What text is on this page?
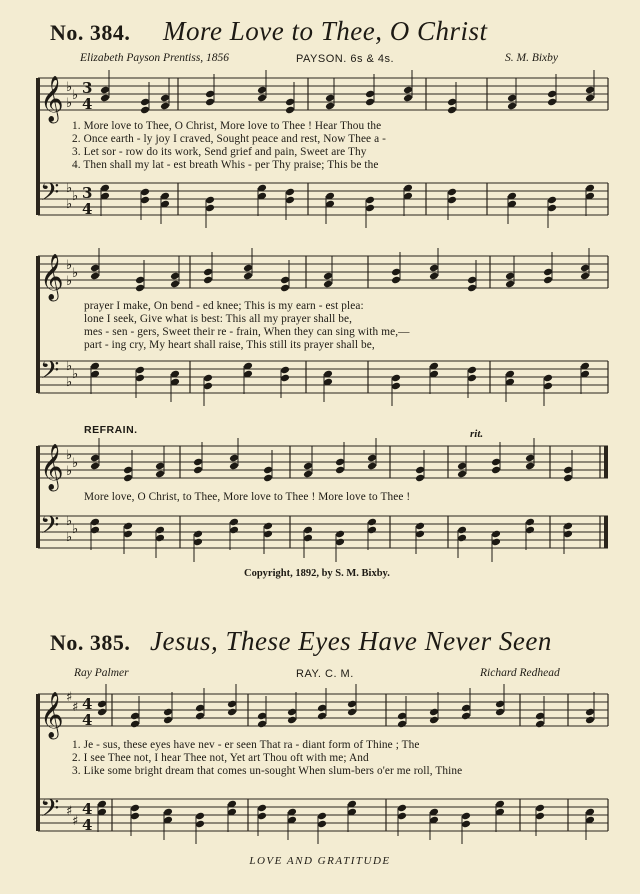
No. 384. More Love to Thee, O Christ
Elizabeth Payson Prentiss, 1856	PAYSON. 6s & 4s.	S. M. Bixby
𝄞 ♭
♭
♭
3
4
𝄢 ♭
♭
♭
3
4
1. More love to Thee, O Christ, More love to Thee ! Hear Thou the
2. Once earth - ly joy I craved, Sought peace and rest, Now Thee a -
3. Let sor - row do its work, Send grief and pain, Sweet are Thy
4. Then shall my lat - est breath Whis - per Thy praise; This be the
𝄞 ♭
♭
♭
𝄢 ♭
♭
♭
prayer I make, On bend - ed knee; This is my earn - est plea:
lone I seek, Give what is best: This all my prayer shall be,
mes - sen - gers, Sweet their re - frain, When they can sing with me,—
part - ing cry, My heart shall raise, This still its prayer shall be,
REFRAIN.	rit.
𝄞 ♭
♭
♭
𝄢 ♭
♭
♭
More love, O Christ, to Thee, More love to Thee ! More love to Thee !
Copyright, 1892, by S. M. Bixby.
No. 385. Jesus, These Eyes Have Never Seen
Ray Palmer	RAY. C. M.	Richard Redhead
𝄞 ♯
♯ 4
4
𝄢 ♯
♯
4
4
1. Je - sus, these eyes have nev - er seen That ra - diant form of Thine ; The
2. I see Thee not, I hear Thee not, Yet art Thou oft with me; And
3. Like some bright dream that comes un-sought When slum-bers o'er me roll, Thine
LOVE AND GRATITUDE
